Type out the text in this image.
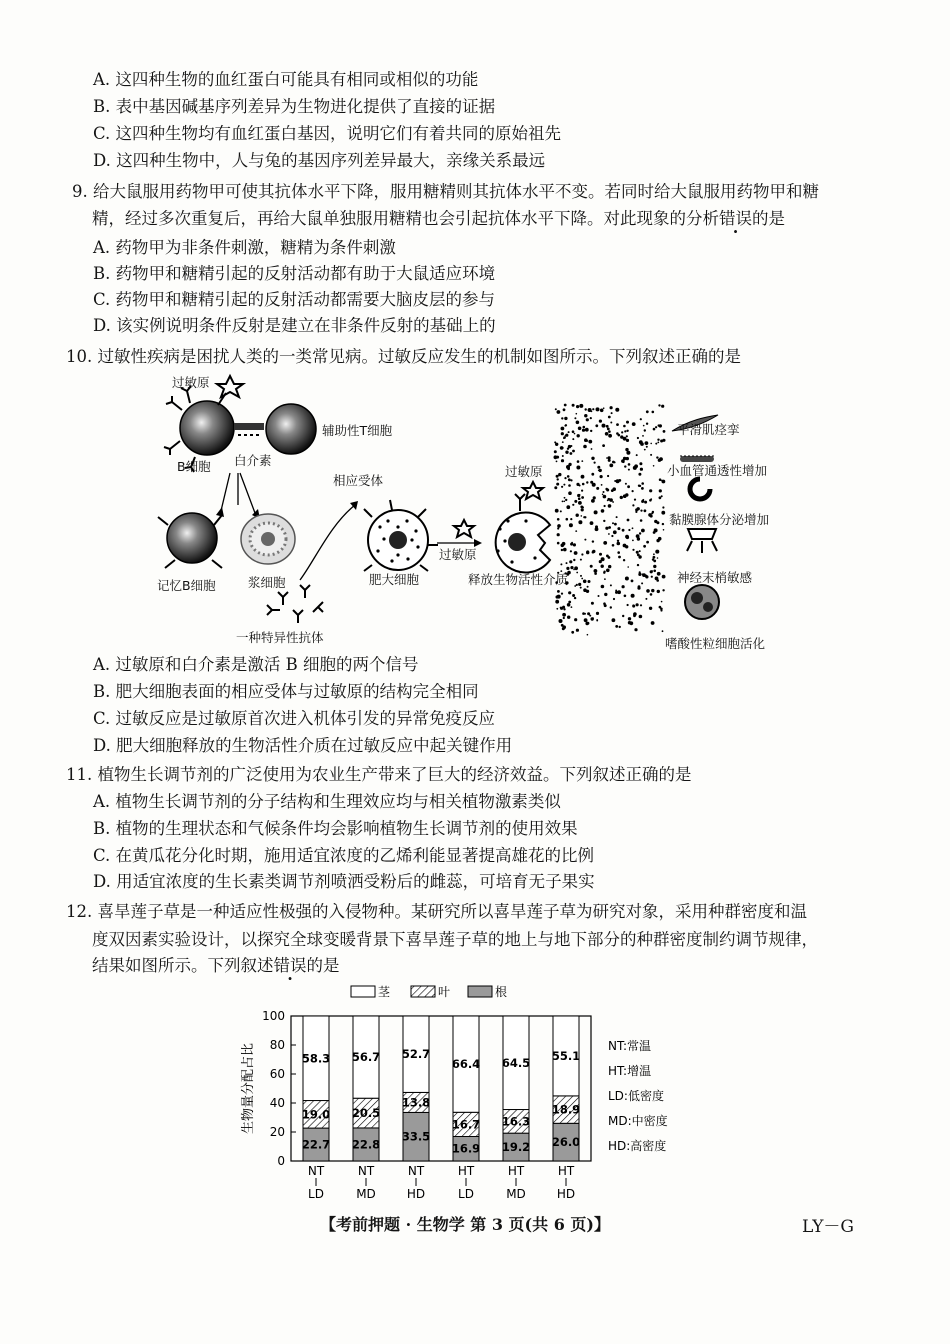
A. 这四种生物的血红蛋白可能具有相同或相似的功能
B. 表中基因碱基序列差异为生物进化提供了直接的证据
C. 这四种生物均有血红蛋白基因，说明它们有着共同的原始祖先
D. 这四种生物中，人与兔的基因序列差异最大，亲缘关系最远
9. 给大鼠服用药物甲可使其抗体水平下降，服用糖精则其抗体水平不变。若同时给大鼠服用药物甲和糖
精，经过多次重复后，再给大鼠单独服用糖精也会引起抗体水平下降。对此现象的分析错误的是
A. 药物甲为非条件刺激，糖精为条件刺激
B. 药物甲和糖精引起的反射活动都有助于大鼠适应环境
C. 药物甲和糖精引起的反射活动都需要大脑皮层的参与
D. 该实例说明条件反射是建立在非条件反射的基础上的
10. 过敏性疾病是困扰人类的一类常见病。过敏反应发生的机制如图所示。下列叙述正确的是
过敏原
辅助性T细胞
B细胞 白介素
记忆B细胞	浆细胞
一种特异性抗体
相应受体
肥大细胞
过敏原
过敏原
释放生物活性介质
平滑肌痉挛
小血管通透性增加
黏膜腺体分泌增加
神经末梢敏感
嗜酸性粒细胞活化
A. 过敏原和白介素是激活 B 细胞的两个信号
B. 肥大细胞表面的相应受体与过敏原的结构完全相同
C. 过敏反应是过敏原首次进入机体引发的异常免疫反应
D. 肥大细胞释放的生物活性介质在过敏反应中起关键作用
11. 植物生长调节剂的广泛使用为农业生产带来了巨大的经济效益。下列叙述正确的是
A. 植物生长调节剂的分子结构和生理效应均与相关植物激素类似
B. 植物的生理状态和气候条件均会影响植物生长调节剂的使用效果
C. 在黄瓜花分化时期，施用适宜浓度的乙烯利能显著提高雄花的比例
D. 用适宜浓度的生长素类调节剂喷洒受粉后的雌蕊，可培育无子果实
12. 喜旱莲子草是一种适应性极强的入侵物种。某研究所以喜旱莲子草为研究对象，采用种群密度和温
度双因素实验设计，以探究全球变暖背景下喜旱莲子草的地上与地下部分的种群密度制约调节规律，
结果如图所示。下列叙述错误的是
茎	叶	根
0
20
40
60
80
100
生物量分配占比
22.7
19.0
58.3
NT
LD
22.8
20.5
56.7
NT
MD
33.5
13.8
52.7
NT
HD
16.9
16.7
66.4
HT
LD
19.2
16.3
64.5
HT
MD
26.0
18.9
55.1
HT
HD
NT:常温
HT:增温
LD:低密度
MD:中密度
HD:高密度
【考前押题 · 生物学 第 3 页(共 6 页)】	LY－G
